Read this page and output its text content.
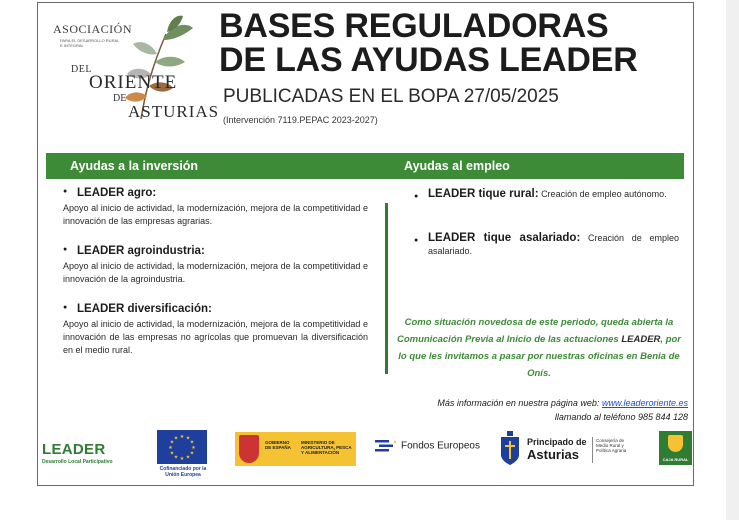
ASOCIACIÓN
PARA EL DESARROLLO RURAL E INTEGRAL
DEL
ORIENTE
DE
ASTURIAS
BASES REGULADORAS
DE LAS AYUDAS LEADER
PUBLICADAS EN EL BOPA 27/05/2025
(Intervención 7119.PEPAC 2023-2027)
Ayudas a la inversión	Ayudas al empleo
● LEADER agro:
Apoyo al inicio de actividad, la modernización, mejora de la competitividad e innovación de las empresas agrarias.
● LEADER agroindustria:
Apoyo al inicio de actividad, la modernización, mejora de la competitividad e innovación de la agroindustria.
● LEADER diversificación:
Apoyo al inicio de actividad, la modernización, mejora de la competitividad e innovación de las empresas no agrícolas que promuevan la diversificación en el medio rural.
● LEADER tique rural: Creación de empleo autónomo.
● LEADER tique asalariado: Creación de empleo asalariado.
Como situación novedosa de este periodo, queda abierta la Comunicación Previa al Inicio de las actuaciones LEADER, por lo que les invitamos a pasar por nuestras oficinas en Benia de Onís.
Más información en nuestra página web: www.leaderoriente.es
llamando al teléfono 985 844 128
LEADER
Desarrollo Local Participativo
★ ★
★
★
★
★
★
★
★
★
★
★
Cofinanciado por la Unión Europea
GOBIERNO DE ESPAÑA
MINISTERIO DE AGRICULTURA, PESCA Y ALIMENTACIÓN
Fondos Europeos	Principado de
Asturias
Consejería de Medio Rural y Política Agraria
CAJA RURAL
